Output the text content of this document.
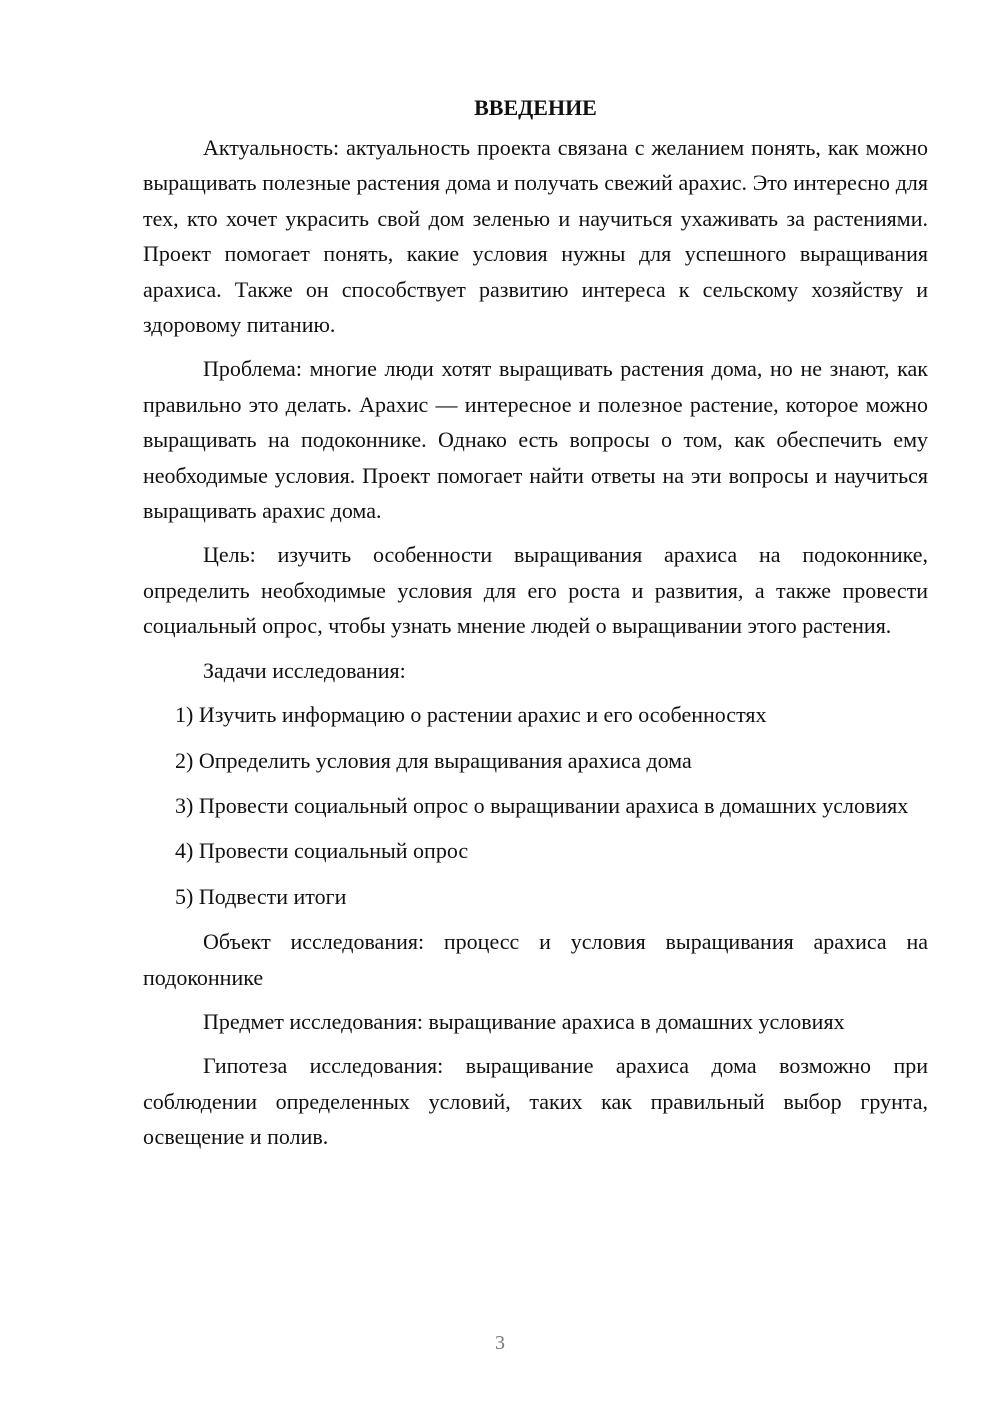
ВВЕДЕНИЕ

Актуальность: актуальность проекта связана с желанием понять, как можно выращивать полезные растения дома и получать свежий арахис. Это интересно для тех, кто хочет украсить свой дом зеленью и научиться ухаживать за растениями. Проект помогает понять, какие условия нужны для успешного выращивания арахиса. Также он способствует развитию интереса к сельскому хозяйству и здоровому питанию.

Проблема: многие люди хотят выращивать растения дома, но не знают, как правильно это делать. Арахис — интересное и полезное растение, которое можно выращивать на подоконнике. Однако есть вопросы о том, как обеспечить ему необходимые условия. Проект помогает найти ответы на эти вопросы и научиться выращивать арахис дома.

Цель: изучить особенности выращивания арахиса на подоконнике, определить необходимые условия для его роста и развития, а также провести социальный опрос, чтобы узнать мнение людей о выращивании этого растения.

Задачи исследования:

1) Изучить информацию о растении арахис и его особенностях

2) Определить условия для выращивания арахиса дома

3) Провести социальный опрос о выращивании арахиса в домашних условиях

4) Провести социальный опрос

5) Подвести итоги

Объект исследования: процесс и условия выращивания арахиса на подоконнике

Предмет исследования: выращивание арахиса в домашних условиях

Гипотеза исследования: выращивание арахиса дома возможно при соблюдении определенных условий, таких как правильный выбор грунта, освещение и полив.

3
